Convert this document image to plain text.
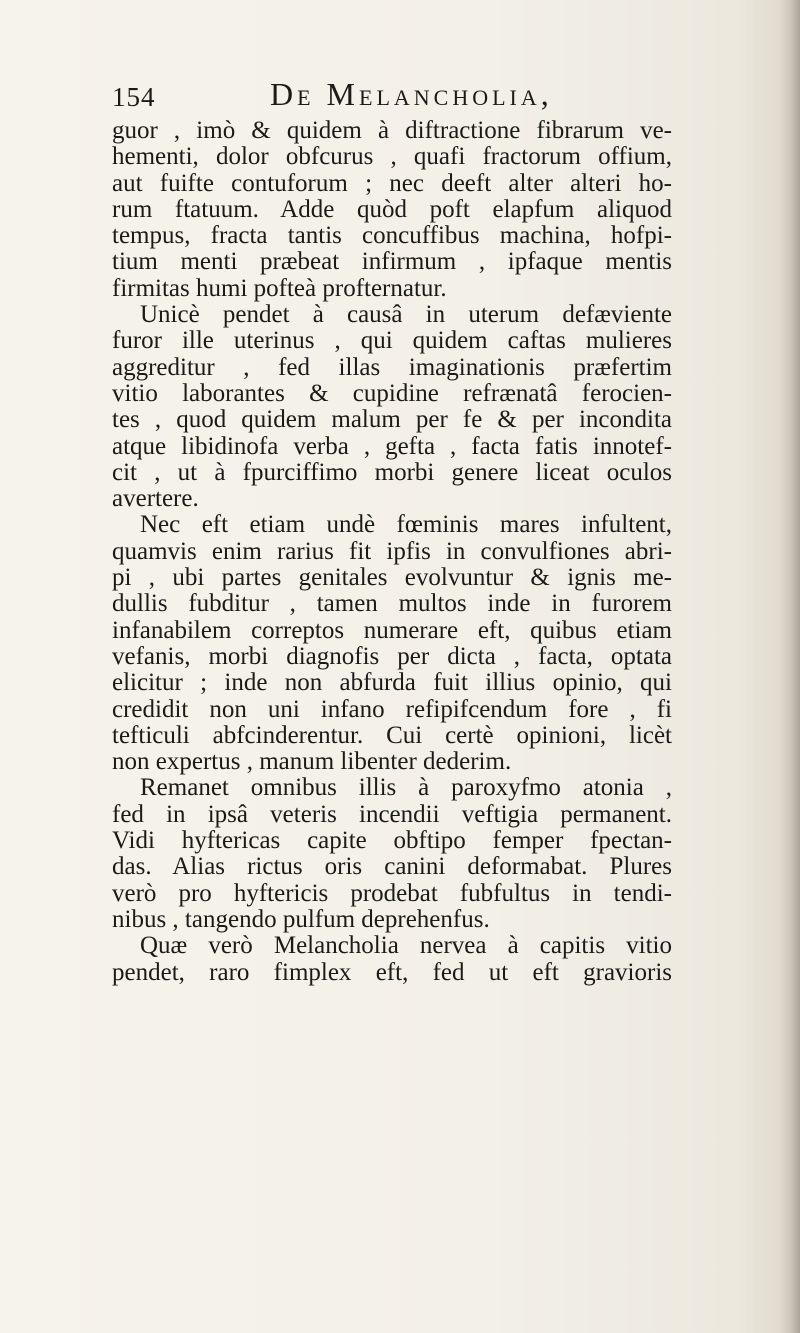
154	De Melancholia,
guor , imò & quidem à diftractione fibrarum ve-
hementi, dolor obfcurus , quafi fractorum offium,
aut fuifte contuforum ; nec deeft alter alteri ho-
rum ftatuum. Adde quòd poft elapfum aliquod
tempus, fracta tantis concuffibus machina, hofpi-
tium menti præbeat infirmum , ipfaque mentis
firmitas humi pofteà profternatur.
Unicè pendet à causâ in uterum defæviente
furor ille uterinus , qui quidem caftas mulieres
aggreditur , fed illas imaginationis præfertim
vitio laborantes & cupidine refrænatâ ferocien-
tes , quod quidem malum per fe & per incondita
atque libidinofa verba , gefta , facta fatis innotef-
cit , ut à fpurciffimo morbi genere liceat oculos
avertere.
Nec eft etiam undè fœminis mares infultent,
quamvis enim rarius fit ipfis in convulfiones abri-
pi , ubi partes genitales evolvuntur & ignis me-
dullis fubditur , tamen multos inde in furorem
infanabilem correptos numerare eft, quibus etiam
vefanis, morbi diagnofis per dicta , facta, optata
elicitur ; inde non abfurda fuit illius opinio, qui
credidit non uni infano refipifcendum fore , fi
tefticuli abfcinderentur. Cui certè opinioni, licèt
non expertus , manum libenter dederim.
Remanet omnibus illis à paroxyfmo atonia ,
fed in ipsâ veteris incendii veftigia permanent.
Vidi hyftericas capite obftipo femper fpectan-
das. Alias rictus oris canini deformabat. Plures
verò pro hyftericis prodebat fubfultus in tendi-
nibus , tangendo pulfum deprehenfus.
Quæ verò Melancholia nervea à capitis vitio
pendet, raro fimplex eft, fed ut eft gravioris
